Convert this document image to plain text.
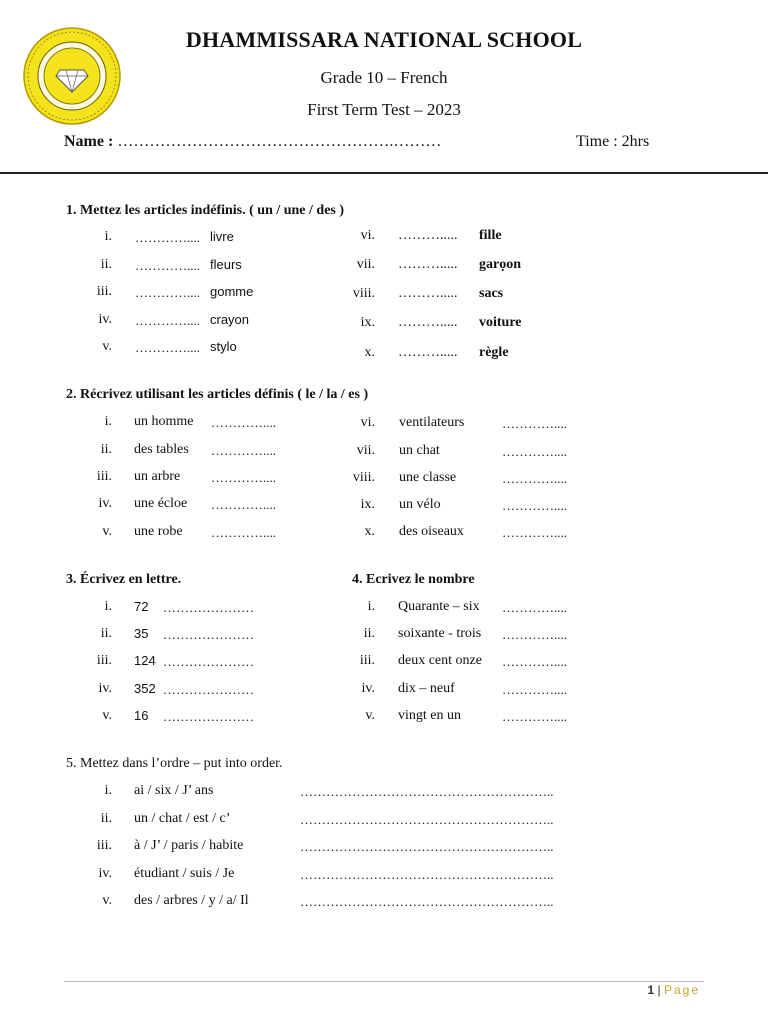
DHAMMISSARA NATIONAL SCHOOL
Grade 10 – French
First Term Test – 2023
Name : …………………………………………….………	Time : 2hrs
1. Mettez les articles indéfinis. ( un / une / des )
i. ………….... livre
ii. ………….... fleurs
iii. ………….... gomme
iv. ………….... crayon
v. ………….... stylo
vi. ………..... fille
vii. ………..... garọon
viii. ………..... sacs
ix. ………..... voiture
x. ………..... règle
2. Récrivez utilisant les articles définis ( le / la / es )
i. un homme …………....
ii. des tables …………....
iii. un arbre …………....
iv. une écloe …………....
v. une robe …………....
vi. ventilateurs	…………....
vii. un chat	…………....
viii. une classe	…………....
ix. un vélo	…………....
x. des oiseaux	…………....
3. Écrivez en lettre.	4. Ecrivez le nombre
i. 72 …………………
ii. 35 …………………
iii. 124 …………………
iv. 352 …………………
v. 16 …………………
i. Quarante – six …………....
ii. soixante - trois …………....
iii. deux cent onze …………....
iv. dix – neuf	…………....
v. vingt en un	…………....
5. Mettez dans l’ordre – put into order.
i. ai / six / J’ ans	…………………………………………………..
ii. un / chat / est / c’	…………………………………………………..
iii. à / J’ / paris / habite	…………………………………………………..
iv. étudiant / suis / Je	…………………………………………………..
v. des / arbres / y / a/ Il	…………………………………………………..
1 | Page
